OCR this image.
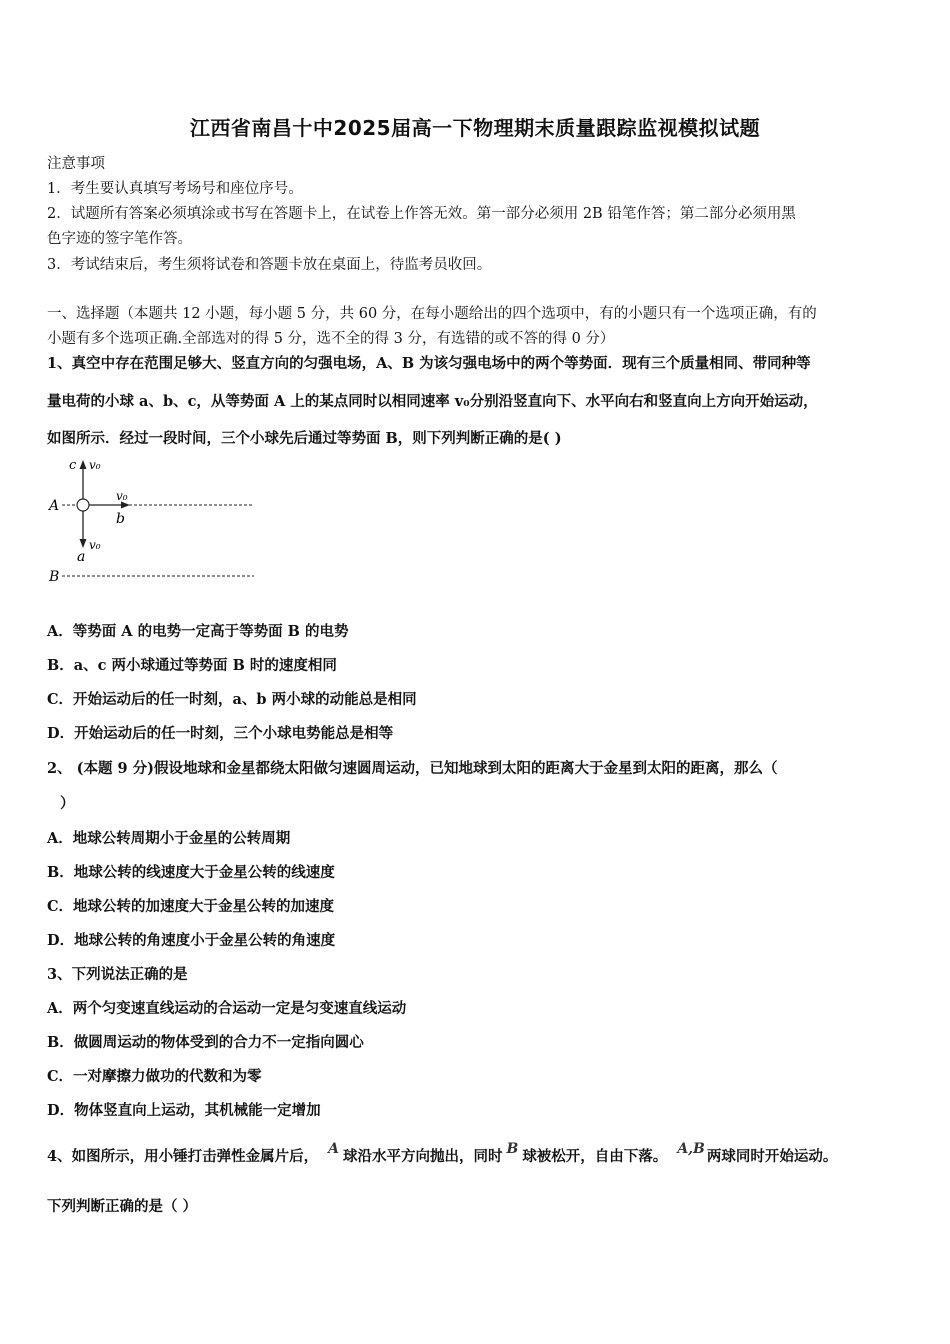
江西省南昌十中2025届高一下物理期末质量跟踪监视模拟试题
注意事项
1．考生要认真填写考场号和座位序号。
2．试题所有答案必须填涂或书写在答题卡上，在试卷上作答无效。第一部分必须用 2B 铅笔作答；第二部分必须用黑
色字迹的签字笔作答。
3．考试结束后，考生须将试卷和答题卡放在桌面上，待监考员收回。
一、选择题（本题共 12 小题，每小题 5 分，共 60 分，在每小题给出的四个选项中，有的小题只有一个选项正确，有的
小题有多个选项正确.全部选对的得 5 分，选不全的得 3 分，有选错的或不答的得 0 分）
1、真空中存在范围足够大、竖直方向的匀强电场，A、B 为该匀强电场中的两个等势面．现有三个质量相同、带同种等
量电荷的小球 a、b、c，从等势面 A 上的某点同时以相同速率 v₀分别沿竖直向下、水平向右和竖直向上方向开始运动，
如图所示．经过一段时间，三个小球先后通过等势面 B，则下列判断正确的是( )
c v₀
A
v₀
b
v₀
a
B
A．等势面 A 的电势一定高于等势面 B 的电势
B．a、c 两小球通过等势面 B 时的速度相同
C．开始运动后的任一时刻，a、b 两小球的动能总是相同
D．开始运动后的任一时刻，三个小球电势能总是相等
2、 (本题 9 分)假设地球和金星都绕太阳做匀速圆周运动，已知地球到太阳的距离大于金星到太阳的距离，那么（
）
A．地球公转周期小于金星的公转周期
B．地球公转的线速度大于金星公转的线速度
C．地球公转的加速度大于金星公转的加速度
D．地球公转的角速度小于金星公转的角速度
3、下列说法正确的是
A．两个匀变速直线运动的合运动一定是匀变速直线运动
B．做圆周运动的物体受到的合力不一定指向圆心
C．一对摩擦力做功的代数和为零
D．物体竖直向上运动，其机械能一定增加
4、如图所示，用小锤打击弹性金属片后， A 球沿水平方向抛出，同时 B 球被松开，自由下落。 A,B 两球同时开始运动。
下列判断正确的是（ ）
